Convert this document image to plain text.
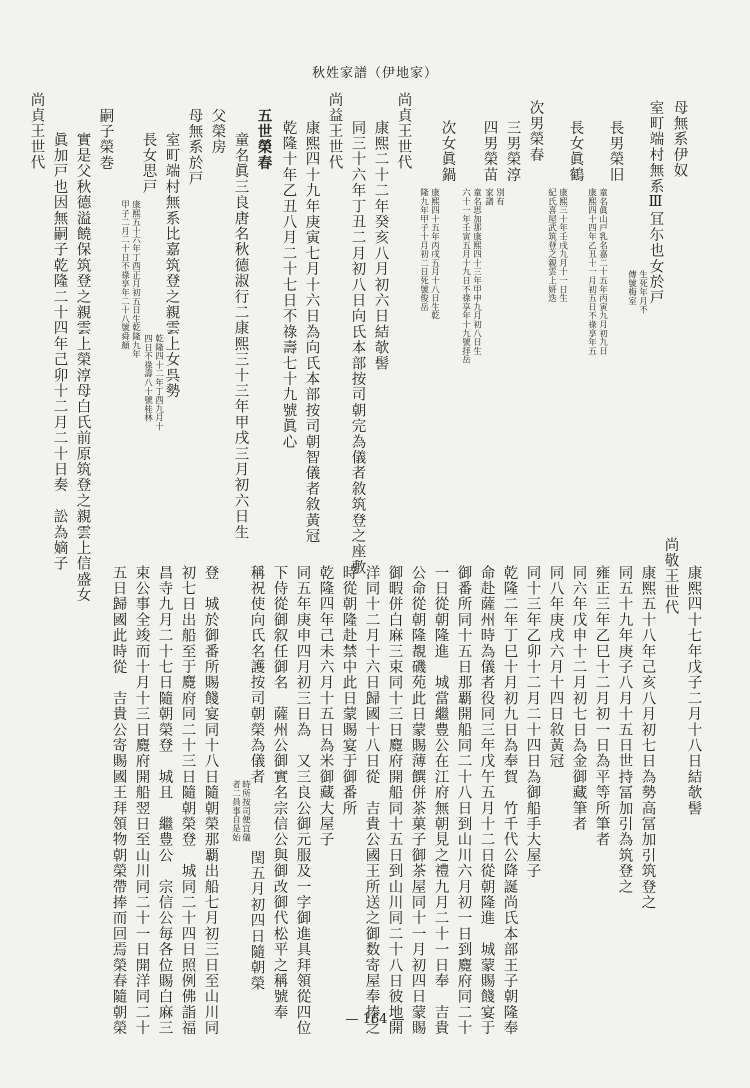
秋姓家譜（伊地家）
母無系伊奴
室町端村無系Ⅲ冝尓也女於戸
生死年月不
傳號梅室
長男榮旧
童名眞山戸乳名嘉二十五年丙寅九月初九日
康熙四十四年乙丑十一月初五日不祿享年五
長女眞鶴
康熙三十年壬戌九月十一日生
紀氏喜屋武筑登之親雲上妍迭
次男榮春
三男榮淳
別有
家譜
四男榮苗
童名思加那康熙四十三年甲申九月初八日生
六十一年壬寅五月十九日不祿享年十九號拝岳
次女眞鍋
康熙四十五年丙戌五月十八日生乾
隆九年甲子十月初二日死號俊岳
尚貞王世代
康熙二十二年癸亥八月初六日結欹髻
同三十六年丁丑二月初八日向氏本部按司朝完為儀者敘筑登之座敷
尚益王世代
康熙四十九年庚寅七月十六日為向氏本部按司朝智儀者敘黃冠
乾隆十年乙丑八月二十七日不祿壽七十九號眞心
五世榮春
童名眞三良唐名秋德淑行二康熙三十三年甲戌三月初六日生
父榮房
母無系於戸
室町端村無系比嘉筑登之親雲上女呉勢
乾隆四十二年丁酉九月十
四日不祿壽八十號桂林
長女思戸
康熙五十六年丁酉正月初五日生乾隆九年
甲子二月二十日不祿享年二十八號舜顏
嗣子榮巻
實是父秋德溢饒保筑登之親雲上榮淳母白氏前原筑登之親雲上信盛女
眞加戸也因無嗣子乾隆二十四年己卯十二月二十日奏　訟為嫡子
尚貞王世代
康熙四十七年戊子二月十八日結欹髻
尚敬王世代
康熙五十八年己亥八月初七日為勢高冨加引筑登之
同五十九年庚子八月十五日世持冨加引為筑登之
雍正三年乙巳十二月初一日為平等所筆者
同六年戊申十二月初七日為金御藏筆者
同八年庚戌六月十四日敘黃冠
同十三年乙卯十二月二十四日為御船手大屋子
乾隆二年丁巳十月初九日為奉賀　竹千代公降誕尚氏本部王子朝隆奉
命赴薩州時為儀者役同三年戊午五月十二日從朝隆進　城蒙賜餞宴于
御番所同十五日那覇開船同二十八日到山川六月初一日到麑府同二十
一日從朝隆進　城當繼豊公在江府無朝見之禮九月二十一日奉　吉貴
公命從朝隆覩磯苑此日蒙賜薄饌併茶菓子御茶屋同十一月初四日蒙賜
御暇併白麻三束同十三日麑府開船同十五日到山川同二十八日彼地開
洋同十二月十六日歸國十八日從　吉貴公國王所送之御数寄屋奉捧之
時從朝隆赴禁中此日蒙賜宴于御番所
乾隆四年己未六月十五日為米御藏大屋子
同五年庚申四月初三日為　又三良公御元服及一字御進具拜領從四位
下侍從御叙任御名　薩州公御實名宗信公與御改御代松平之稱號奉
稱祝使向氏名護按司朝榮為儀者
時所按司便宜儀
者二員事自是始
閏五月初四日隨朝榮
登　城於御番所賜餞宴同十八日隨朝榮那覇出船七月初三日至山川同
初七日出船至于麑府同二十三日隨朝榮登　城同二十四日照例佛詣福
昌寺九月二十七日隨朝榮登　城且　繼豊公　宗信公毎各位賜白麻三
束公事全竣而十月十三日麑府開船翌日至山川同二十一日開洋同二十
五日歸國此時從　吉貴公寄賜國王拜領物朝榮帶捧而回焉榮春隨朝榮	— 164 —
